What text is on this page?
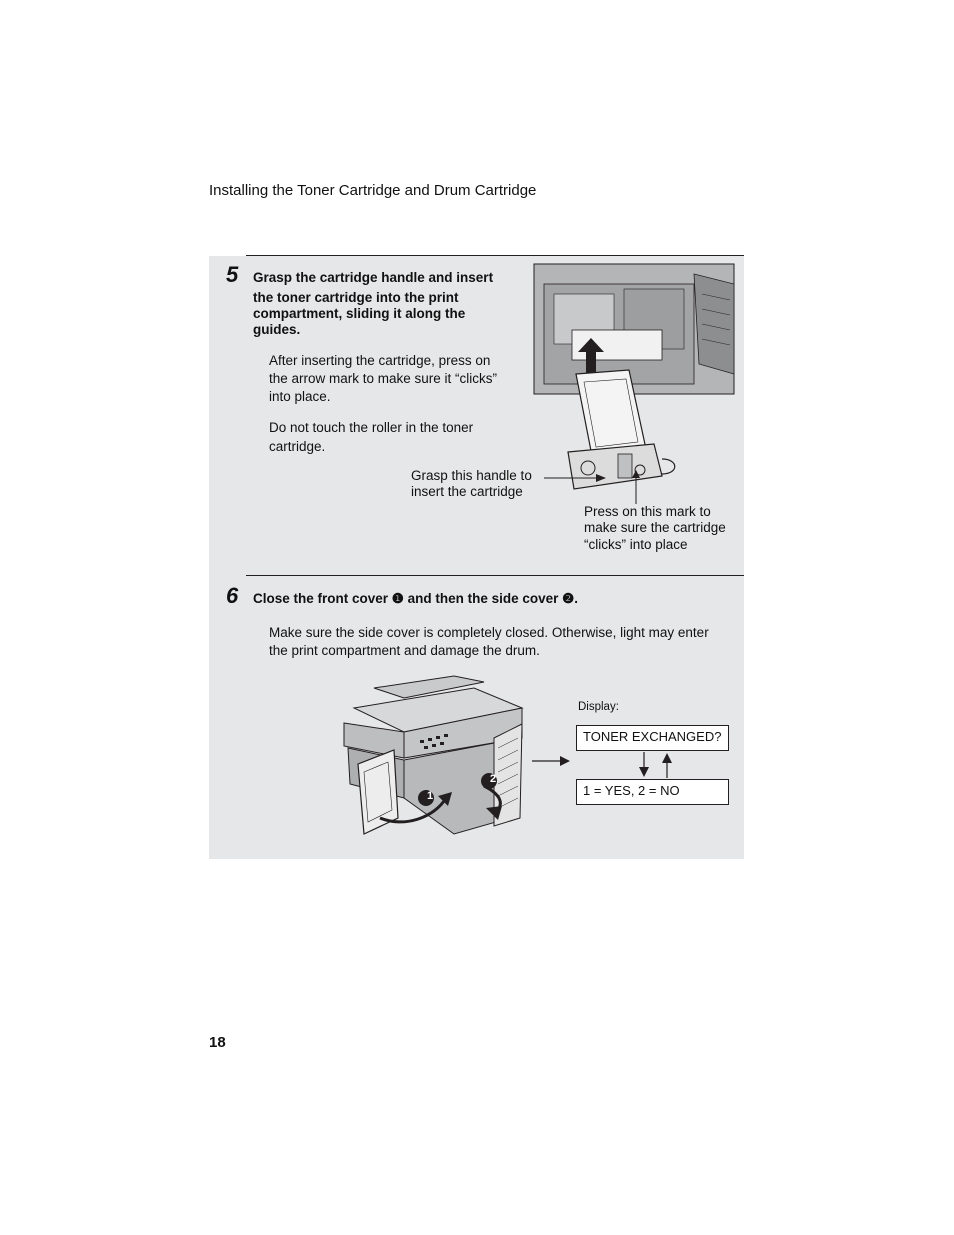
Installing the Toner Cartridge and Drum Cartridge
5 Grasp the cartridge handle and insert
the toner cartridge into the print
compartment, sliding it along the
guides.
After inserting the cartridge, press on
the arrow mark to make sure it “clicks”
into place.
Do not touch the roller in the toner
cartridge.
Grasp this handle to
insert the cartridge
Press on this mark to
make sure the cartridge
“clicks” into place
6 Close the front cover ❶ and then the side cover ❷.
Make sure the side cover is completely closed. Otherwise, light may enter
the print compartment and damage the drum.
1
2
Display:
TONER EXCHANGED?
1 = YES, 2 = NO
18
